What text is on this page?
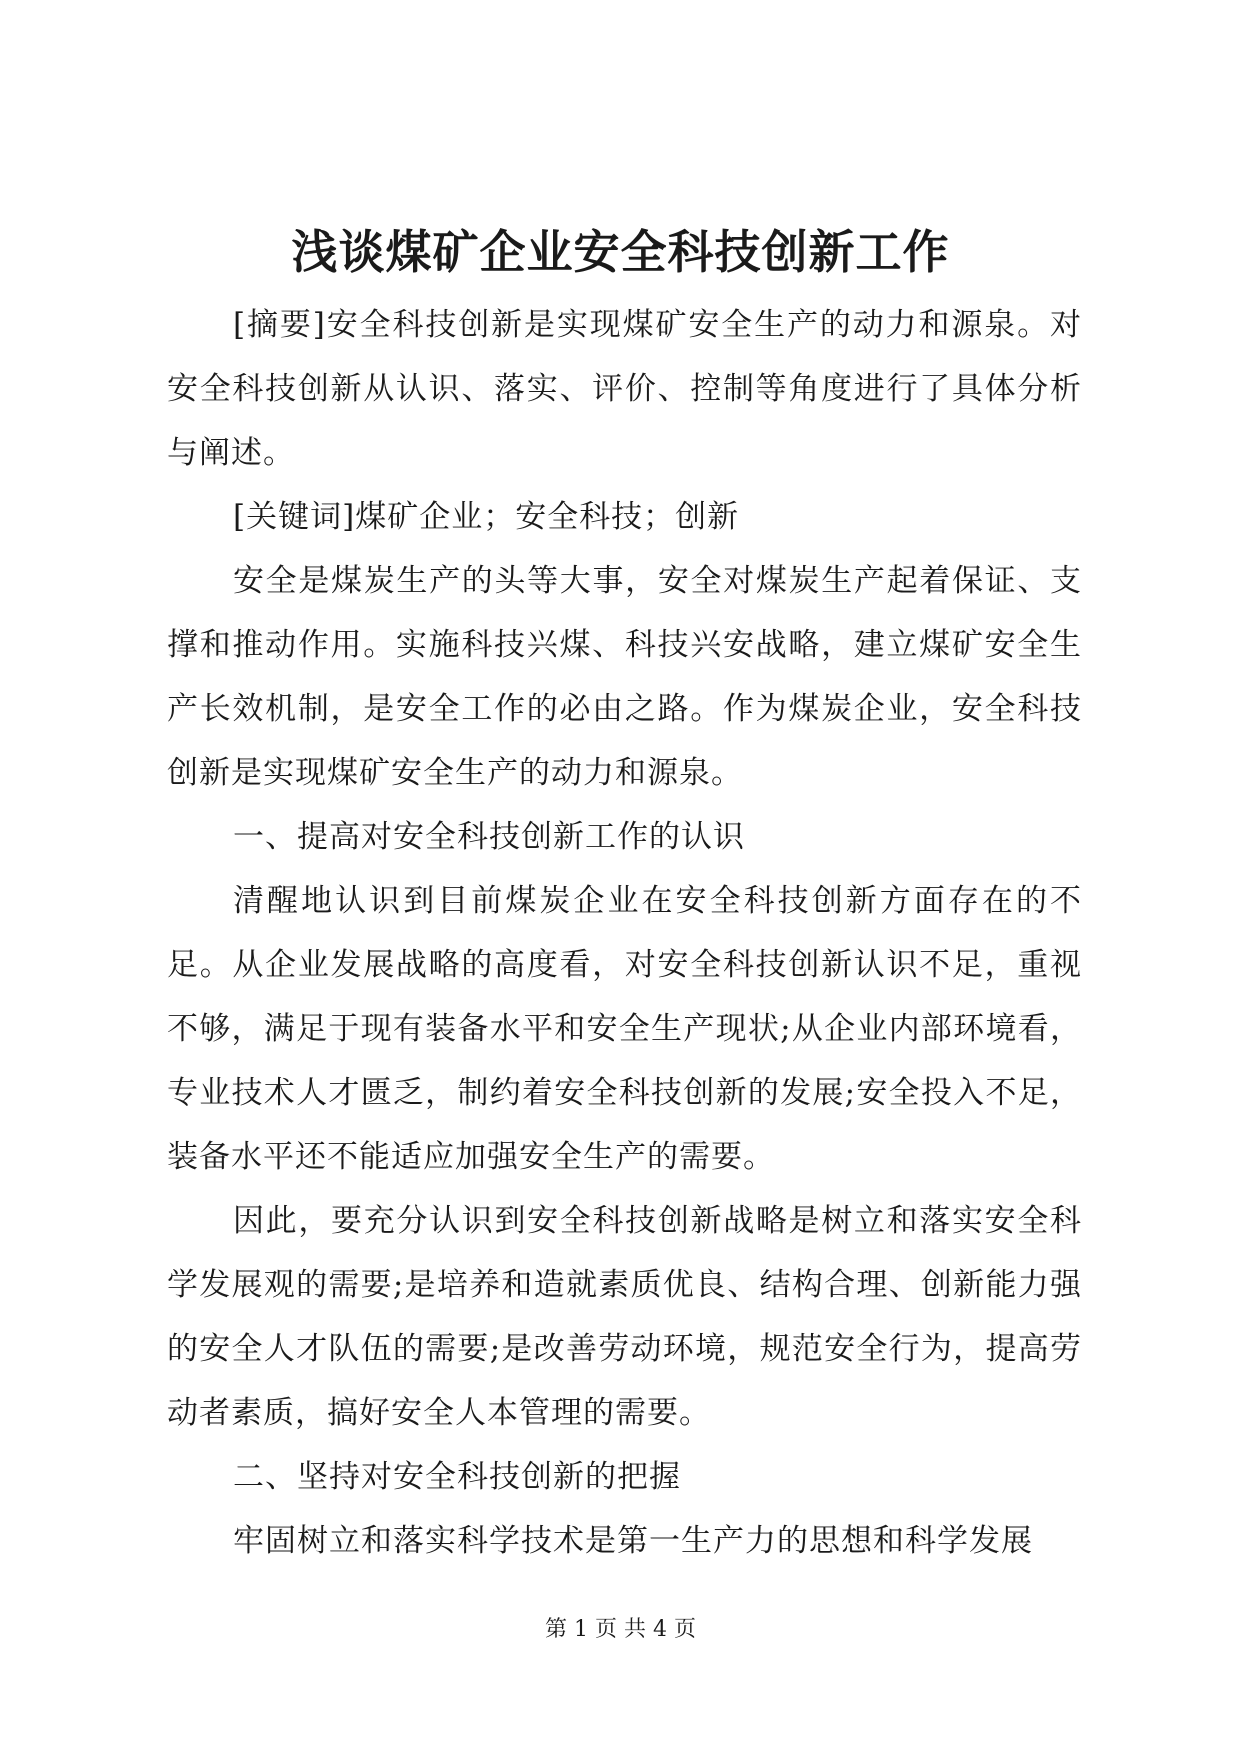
浅谈煤矿企业安全科技创新工作

[摘要]安全科技创新是实现煤矿安全生产的动力和源泉。对安全科技创新从认识、落实、评价、控制等角度进行了具体分析与阐述。

[关键词]煤矿企业；安全科技；创新

安全是煤炭生产的头等大事，安全对煤炭生产起着保证、支撑和推动作用。实施科技兴煤、科技兴安战略，建立煤矿安全生产长效机制，是安全工作的必由之路。作为煤炭企业，安全科技创新是实现煤矿安全生产的动力和源泉。

一、提高对安全科技创新工作的认识

清醒地认识到目前煤炭企业在安全科技创新方面存在的不足。从企业发展战略的高度看，对安全科技创新认识不足，重视不够，满足于现有装备水平和安全生产现状;从企业内部环境看，专业技术人才匮乏，制约着安全科技创新的发展;安全投入不足，装备水平还不能适应加强安全生产的需要。

因此，要充分认识到安全科技创新战略是树立和落实安全科学发展观的需要;是培养和造就素质优良、结构合理、创新能力强的安全人才队伍的需要;是改善劳动环境，规范安全行为，提高劳动者素质，搞好安全人本管理的需要。

二、坚持对安全科技创新的把握

牢固树立和落实科学技术是第一生产力的思想和科学发展

第 1 页 共 4 页
